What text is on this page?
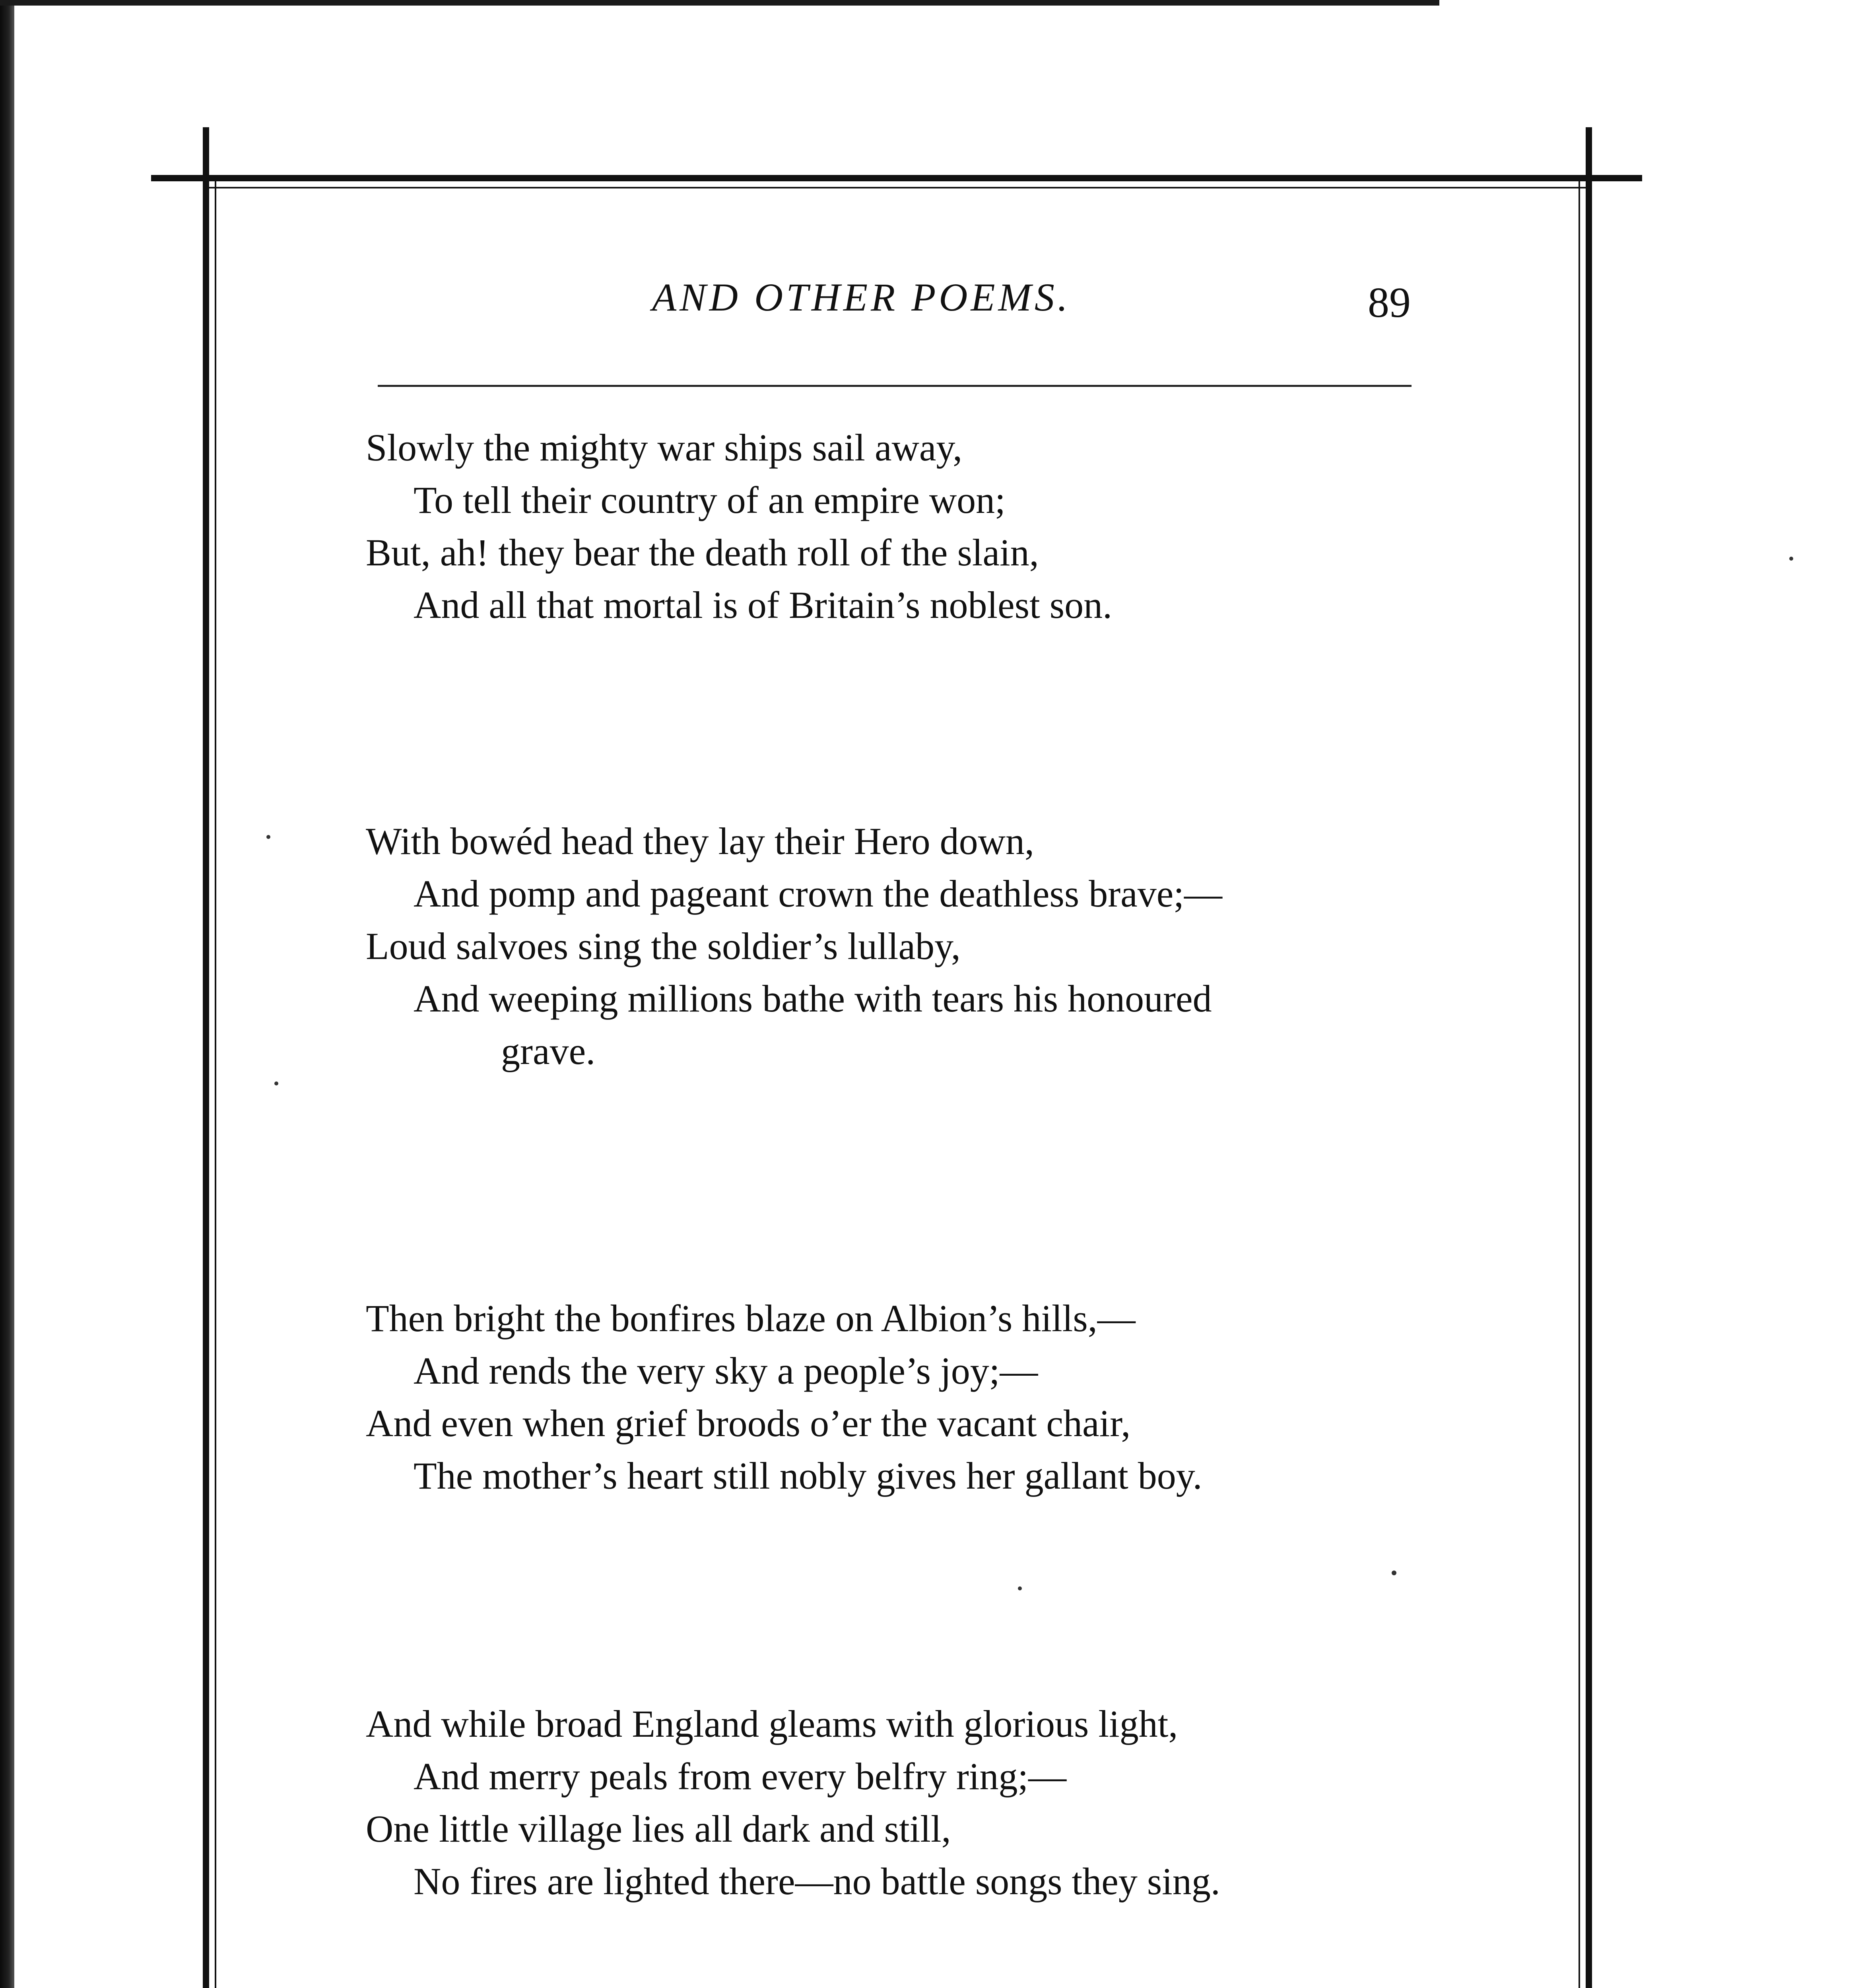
AND OTHER POEMS.	89
Slowly the mighty war ships sail away,
To tell their country of an empire won;
But, ah! they bear the death roll of the slain,
And all that mortal is of Britain’s noblest son.
With bowéd head they lay their Hero down,
And pomp and pageant crown the deathless brave;—
Loud salvoes sing the soldier’s lullaby,
And weeping millions bathe with tears his honoured
grave.
Then bright the bonfires blaze on Albion’s hills,—
And rends the very sky a people’s joy;—
And even when grief broods o’er the vacant chair,
The mother’s heart still nobly gives her gallant boy.
And while broad England gleams with glorious light,
And merry peals from every belfry ring;—
One little village lies all dark and still,
No fires are lighted there—no battle songs they sing.
